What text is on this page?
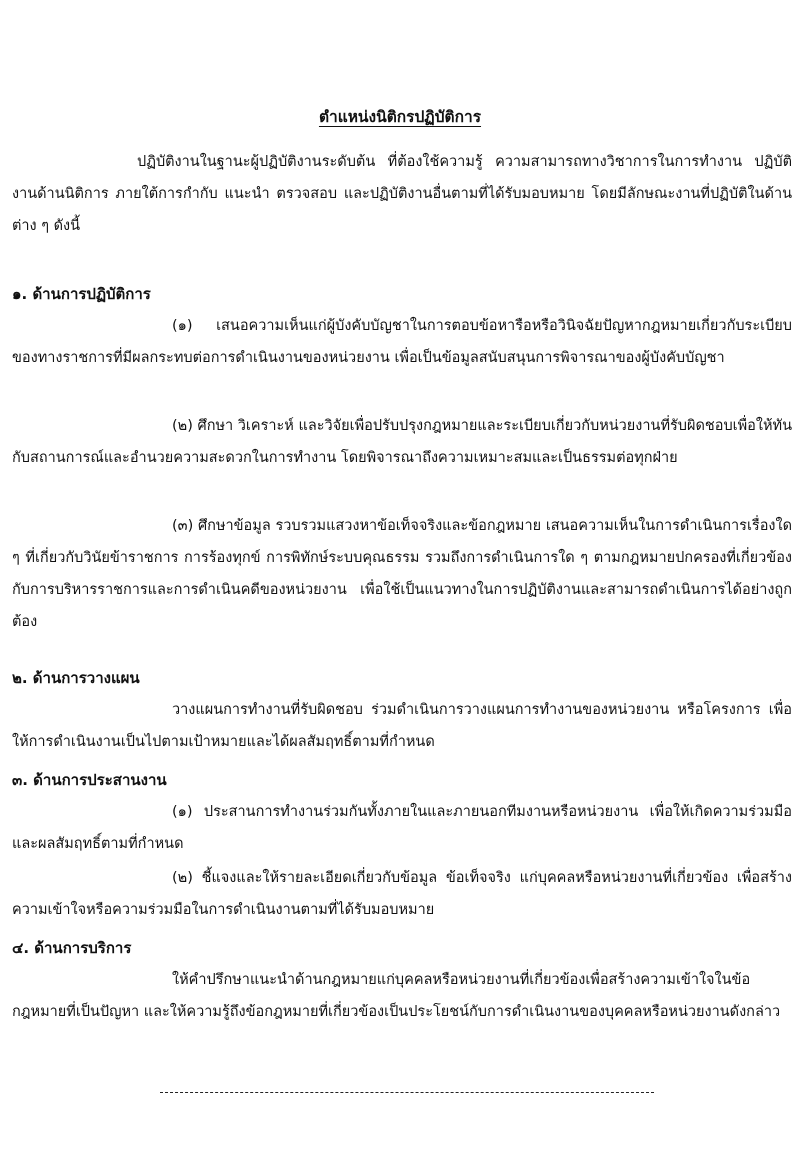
ตำแหน่งนิติกรปฏิบัติการ

ปฏิบัติงานในฐานะผู้ปฏิบัติงานระดับต้น ที่ต้องใช้ความรู้ ความสามารถทางวิชาการในการทำงาน ปฏิบัติงานด้านนิติการ ภายใต้การกำกับ แนะนำ ตรวจสอบ และปฏิบัติงานอื่นตามที่ได้รับมอบหมาย โดยมีลักษณะงานที่ปฏิบัติในด้านต่าง ๆ ดังนี้

๑. ด้านการปฏิบัติการ

(๑) เสนอความเห็นแก่ผู้บังคับบัญชาในการตอบข้อหารือหรือวินิจฉัยปัญหากฎหมายเกี่ยวกับระเบียบของทางราชการที่มีผลกระทบต่อการดำเนินงานของหน่วยงาน เพื่อเป็นข้อมูลสนับสนุนการพิจารณาของผู้บังคับบัญชา

(๒) ศึกษา วิเคราะห์ และวิจัยเพื่อปรับปรุงกฎหมายและระเบียบเกี่ยวกับหน่วยงานที่รับผิดชอบเพื่อให้ทันกับสถานการณ์และอำนวยความสะดวกในการทำงาน โดยพิจารณาถึงความเหมาะสมและเป็นธรรมต่อทุกฝ่าย

(๓) ศึกษาข้อมูล รวบรวมแสวงหาข้อเท็จจริงและข้อกฎหมาย เสนอความเห็นในการดำเนินการเรื่องใด ๆ ที่เกี่ยวกับวินัยข้าราชการ การร้องทุกข์ การพิทักษ์ระบบคุณธรรม รวมถึงการดำเนินการใด ๆ ตามกฎหมายปกครองที่เกี่ยวข้องกับการบริหารราชการและการดำเนินคดีของหน่วยงาน เพื่อใช้เป็นแนวทางในการปฏิบัติงานและสามารถดำเนินการได้อย่างถูกต้อง

๒. ด้านการวางแผน

วางแผนการทำงานที่รับผิดชอบ ร่วมดำเนินการวางแผนการทำงานของหน่วยงาน หรือโครงการ เพื่อให้การดำเนินงานเป็นไปตามเป้าหมายและได้ผลสัมฤทธิ์ตามที่กำหนด

๓. ด้านการประสานงาน

(๑) ประสานการทำงานร่วมกันทั้งภายในและภายนอกทีมงานหรือหน่วยงาน เพื่อให้เกิดความร่วมมือและผลสัมฤทธิ์ตามที่กำหนด

(๒) ชี้แจงและให้รายละเอียดเกี่ยวกับข้อมูล ข้อเท็จจริง แก่บุคคลหรือหน่วยงานที่เกี่ยวข้อง เพื่อสร้างความเข้าใจหรือความร่วมมือในการดำเนินงานตามที่ได้รับมอบหมาย

๔. ด้านการบริการ

ให้คำปรึกษาแนะนำด้านกฎหมายแก่บุคคลหรือหน่วยงานที่เกี่ยวข้องเพื่อสร้างความเข้าใจในข้อกฎหมายที่เป็นปัญหา และให้ความรู้ถึงข้อกฎหมายที่เกี่ยวข้องเป็นประโยชน์กับการดำเนินงานของบุคคลหรือหน่วยงานดังกล่าว
